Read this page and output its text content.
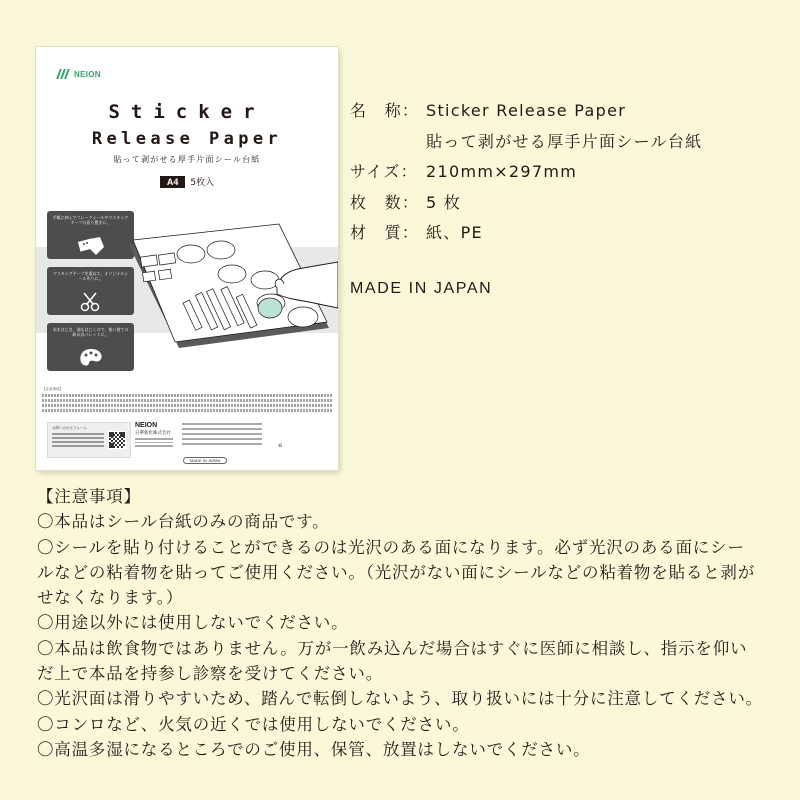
NEION
Sticker
Release Paper
貼って剥がせる厚手片面シール台紙
A4	5枚入
手帳に挟んでフレークシールやマスキングテープの仮り置きに。
マスキングテープを重ねて、オリジナルシール作りに。
水をはじき、油もはじくので、使い捨ての絵の具パレットに。
【注意事項】
お問い合わせフォーム	NEION
日華新化株式会社
MADE IN JAPAN
♻
名　称： Sticker Release Paper
貼って剥がせる厚手片面シール台紙
サイズ： 210mm×297mm
枚　数： 5 枚
材　質： 紙、PE
MADE IN JAPAN

【注意事項】

〇本品はシール台紙のみの商品です。

〇シールを貼り付けることができるのは光沢のある面になります。必ず光沢のある面にシー

ルなどの粘着物を貼ってご使用ください。（光沢がない面にシールなどの粘着物を貼ると剥が

せなくなります。）

〇用途以外には使用しないでください。

〇本品は飲食物ではありません。万が一飲み込んだ場合はすぐに医師に相談し、指示を仰い

だ上で本品を持参し診察を受けてください。

〇光沢面は滑りやすいため、踏んで転倒しないよう、取り扱いには十分に注意してください。

〇コンロなど、火気の近くでは使用しないでください。

〇高温多湿になるところでのご使用、保管、放置はしないでください。
